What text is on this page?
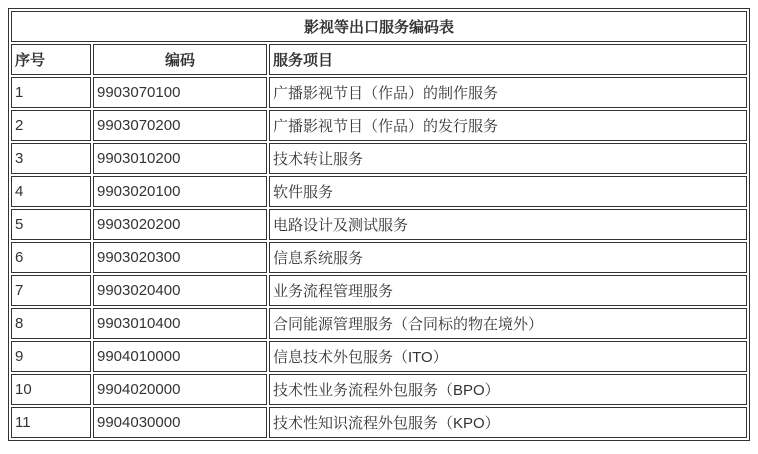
影视等出口服务编码表		
序号	编码	服务项目
1	9903070100	广播影视节目（作品）的制作服务
2	9903070200	广播影视节目（作品）的发行服务
3	9903010200	技术转让服务
4	9903020100	软件服务
5	9903020200	电路设计及测试服务
6	9903020300	信息系统服务
7	9903020400	业务流程管理服务
8	9903010400	合同能源管理服务（合同标的物在境外）
9	9904010000	信息技术外包服务（ITO）
10	9904020000	技术性业务流程外包服务（BPO）
11	9904030000	技术性知识流程外包服务（KPO）
